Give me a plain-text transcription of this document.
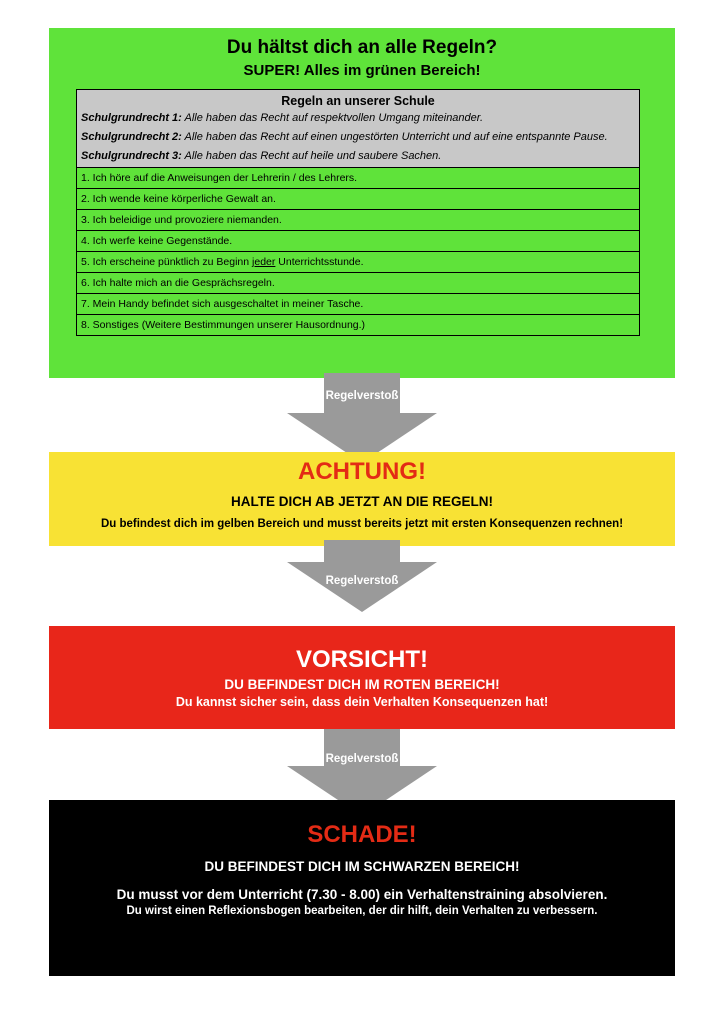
Du hältst dich an alle Regeln?
SUPER! Alles im grünen Bereich!
Regeln an unserer Schule
Schulgrundrecht 1: Alle haben das Recht auf respektvollen Umgang miteinander.
Schulgrundrecht 2: Alle haben das Recht auf einen ungestörten Unterricht und auf eine entspannte Pause.
Schulgrundrecht 3: Alle haben das Recht auf heile und saubere Sachen.
1. Ich höre auf die Anweisungen der Lehrerin / des Lehrers.
2. Ich wende keine körperliche Gewalt an.
3. Ich beleidige und provoziere niemanden.
4. Ich werfe keine Gegenstände.
5. Ich erscheine pünktlich zu Beginn jeder Unterrichtsstunde.
6. Ich halte mich an die Gesprächsregeln.
7. Mein Handy befindet sich ausgeschaltet in meiner Tasche.
8. Sonstiges (Weitere Bestimmungen unserer Hausordnung.)
Regelverstoß
ACHTUNG!
HALTE DICH AB JETZT AN DIE REGELN!
Du befindest dich im gelben Bereich und musst bereits jetzt mit ersten Konsequenzen rechnen!
Regelverstoß
VORSICHT!
DU BEFINDEST DICH IM ROTEN BEREICH!
Du kannst sicher sein, dass dein Verhalten Konsequenzen hat!
Regelverstoß
SCHADE!
DU BEFINDEST DICH IM SCHWARZEN BEREICH!
Du musst vor dem Unterricht (7.30 - 8.00) ein Verhaltenstraining absolvieren.
Du wirst einen Reflexionsbogen bearbeiten, der dir hilft, dein Verhalten zu verbessern.
